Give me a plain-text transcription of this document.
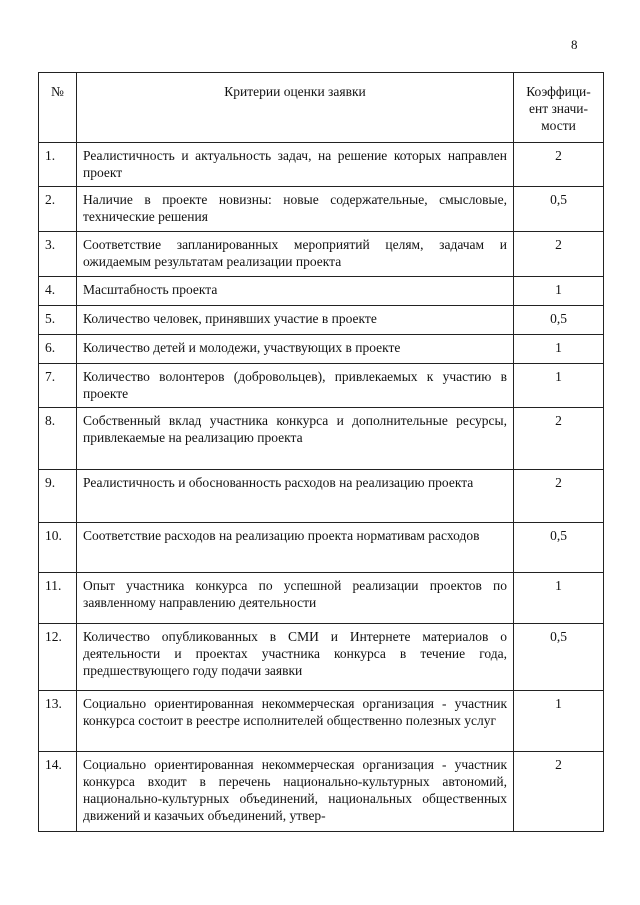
8
№	Критерии оценки заявки	Коэффици-ент значи-мости
1.	Реалистичность и актуальность задач, на решение которых направлен проект	2
2.	Наличие в проекте новизны: новые содержательные, смысловые, технические решения	0,5
3.	Соответствие запланированных мероприятий целям, задачам и ожидаемым результатам реализации проекта	2
4.	Масштабность проекта	1
5.	Количество человек, принявших участие в проекте	0,5
6.	Количество детей и молодежи, участвующих в проекте	1
7.	Количество волонтеров (добровольцев), привлекаемых к участию в проекте	1
8.	Собственный вклад участника конкурса и дополнительные ресурсы, привлекаемые на реализацию проекта	2
9.	Реалистичность и обоснованность расходов на реализацию проекта	2
10.	Соответствие расходов на реализацию проекта нормативам расходов	0,5
11.	Опыт участника конкурса по успешной реализации проектов по заявленному направлению деятельности	1
12.	Количество опубликованных в СМИ и Интернете материалов о деятельности и проектах участника конкурса в течение года, предшествующего году подачи заявки	0,5
13.	Социально ориентированная некоммерческая организация - участник конкурса состоит в реестре исполнителей общественно полезных услуг	1
14.	Социально ориентированная некоммерческая организация - участник конкурса входит в перечень национально-культурных автономий, национально-культурных объединений, национальных общественных движений и казачьих объединений, утвер-	2
